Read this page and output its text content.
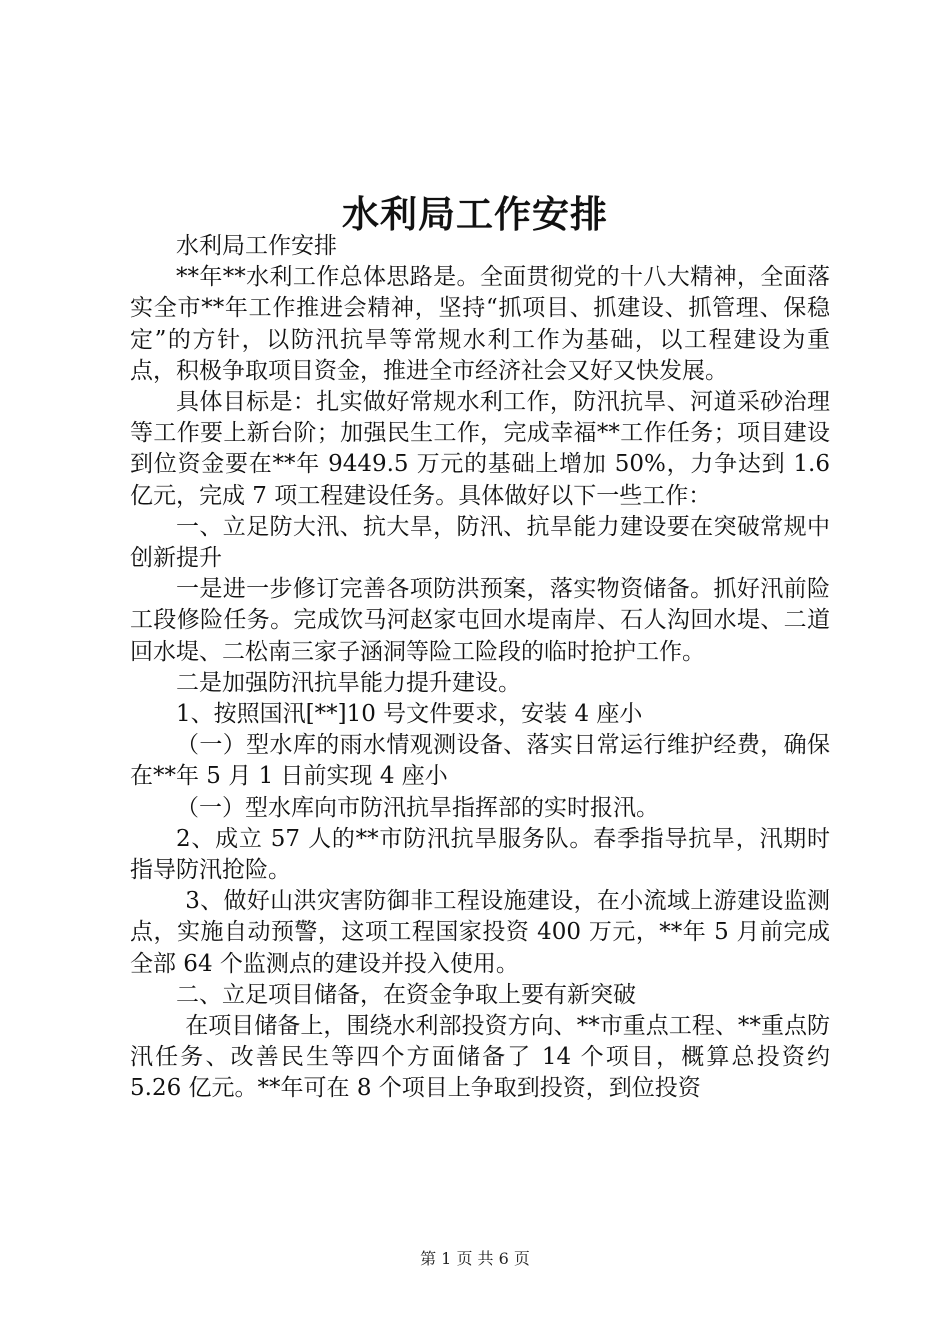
水利局工作安排

水利局工作安排

**年**水利工作总体思路是。全面贯彻党的十八大精神，全面落实全市**年工作推进会精神，坚持“抓项目、抓建设、抓管理、保稳定”的方针，以防汛抗旱等常规水利工作为基础，以工程建设为重点，积极争取项目资金，推进全市经济社会又好又快发展。

具体目标是：扎实做好常规水利工作，防汛抗旱、河道采砂治理等工作要上新台阶；加强民生工作，完成幸福**工作任务；项目建设到位资金要在**年 9449.5 万元的基础上增加 50%，力争达到 1.6 亿元，完成 7 项工程建设任务。具体做好以下一些工作：

一、立足防大汛、抗大旱，防汛、抗旱能力建设要在突破常规中创新提升

一是进一步修订完善各项防洪预案，落实物资储备。抓好汛前险工段修险任务。完成饮马河赵家屯回水堤南岸、石人沟回水堤、二道回水堤、二松南三家子涵洞等险工险段的临时抢护工作。

二是加强防汛抗旱能力提升建设。

1、按照国汛[**]10 号文件要求，安装 4 座小

（一）型水库的雨水情观测设备、落实日常运行维护经费，确保在**年 5 月 1 日前实现 4 座小

（一）型水库向市防汛抗旱指挥部的实时报汛。

2、成立 57 人的**市防汛抗旱服务队。春季指导抗旱，汛期时指导防汛抢险。

3、做好山洪灾害防御非工程设施建设，在小流域上游建设监测点，实施自动预警，这项工程国家投资 400 万元，**年 5 月前完成全部 64 个监测点的建设并投入使用。

二、立足项目储备，在资金争取上要有新突破

在项目储备上，围绕水利部投资方向、**市重点工程、**重点防汛任务、改善民生等四个方面储备了 14 个项目，概算总投资约 5.26 亿元。**年可在 8 个项目上争取到投资，到位投资

第 1 页 共 6 页
